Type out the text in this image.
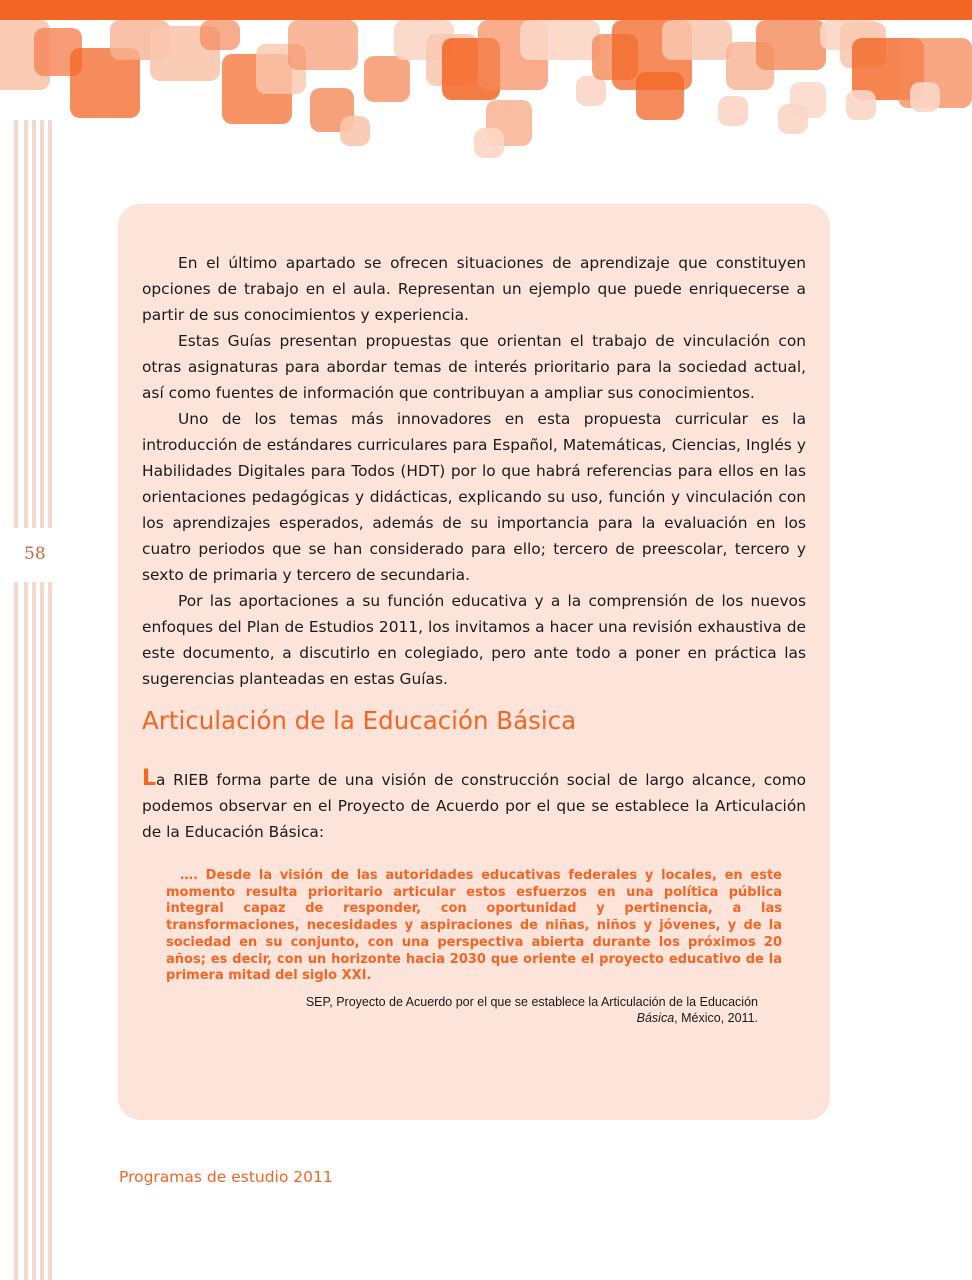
58

En el último apartado se ofrecen situaciones de aprendizaje que constituyen opciones de trabajo en el aula. Representan un ejemplo que puede enriquecerse a partir de sus conocimientos y experiencia.

Estas Guías presentan propuestas que orientan el trabajo de vinculación con otras asignaturas para abordar temas de interés prioritario para la sociedad actual, así como fuentes de información que contribuyan a ampliar sus conocimientos.

Uno de los temas más innovadores en esta propuesta curricular es la introducción de estándares curriculares para Español, Matemáticas, Ciencias, Inglés y Habilidades Digitales para Todos (HDT) por lo que habrá referencias para ellos en las orientaciones pedagógicas y didácticas, explicando su uso, función y vinculación con los aprendizajes esperados, además de su importancia para la evaluación en los cuatro periodos que se han considerado para ello; tercero de preescolar, tercero y sexto de primaria y tercero de secundaria.

Por las aportaciones a su función educativa y a la comprensión de los nuevos enfoques del Plan de Estudios 2011, los invitamos a hacer una revisión exhaustiva de este documento, a discutirlo en colegiado, pero ante todo a poner en práctica las sugerencias planteadas en estas Guías.

Articulación de la Educación Básica

La RIEB forma parte de una visión de construcción social de largo alcance, como podemos observar en el Proyecto de Acuerdo por el que se establece la Articulación de la Educación Básica:

…. Desde la visión de las autoridades educativas federales y locales, en este momento resulta prioritario articular estos esfuerzos en una política pública integral capaz de responder, con oportunidad y pertinencia, a las transformaciones, necesidades y aspiraciones de niñas, niños y jóvenes, y de la sociedad en su conjunto, con una perspectiva abierta durante los próximos 20 años; es decir, con un horizonte hacia 2030 que oriente el proyecto educativo de la primera mitad del siglo XXI.

SEP, Proyecto de Acuerdo por el que se establece la Articulación de la Educación
Básica, México, 2011.
Programas de estudio 2011
